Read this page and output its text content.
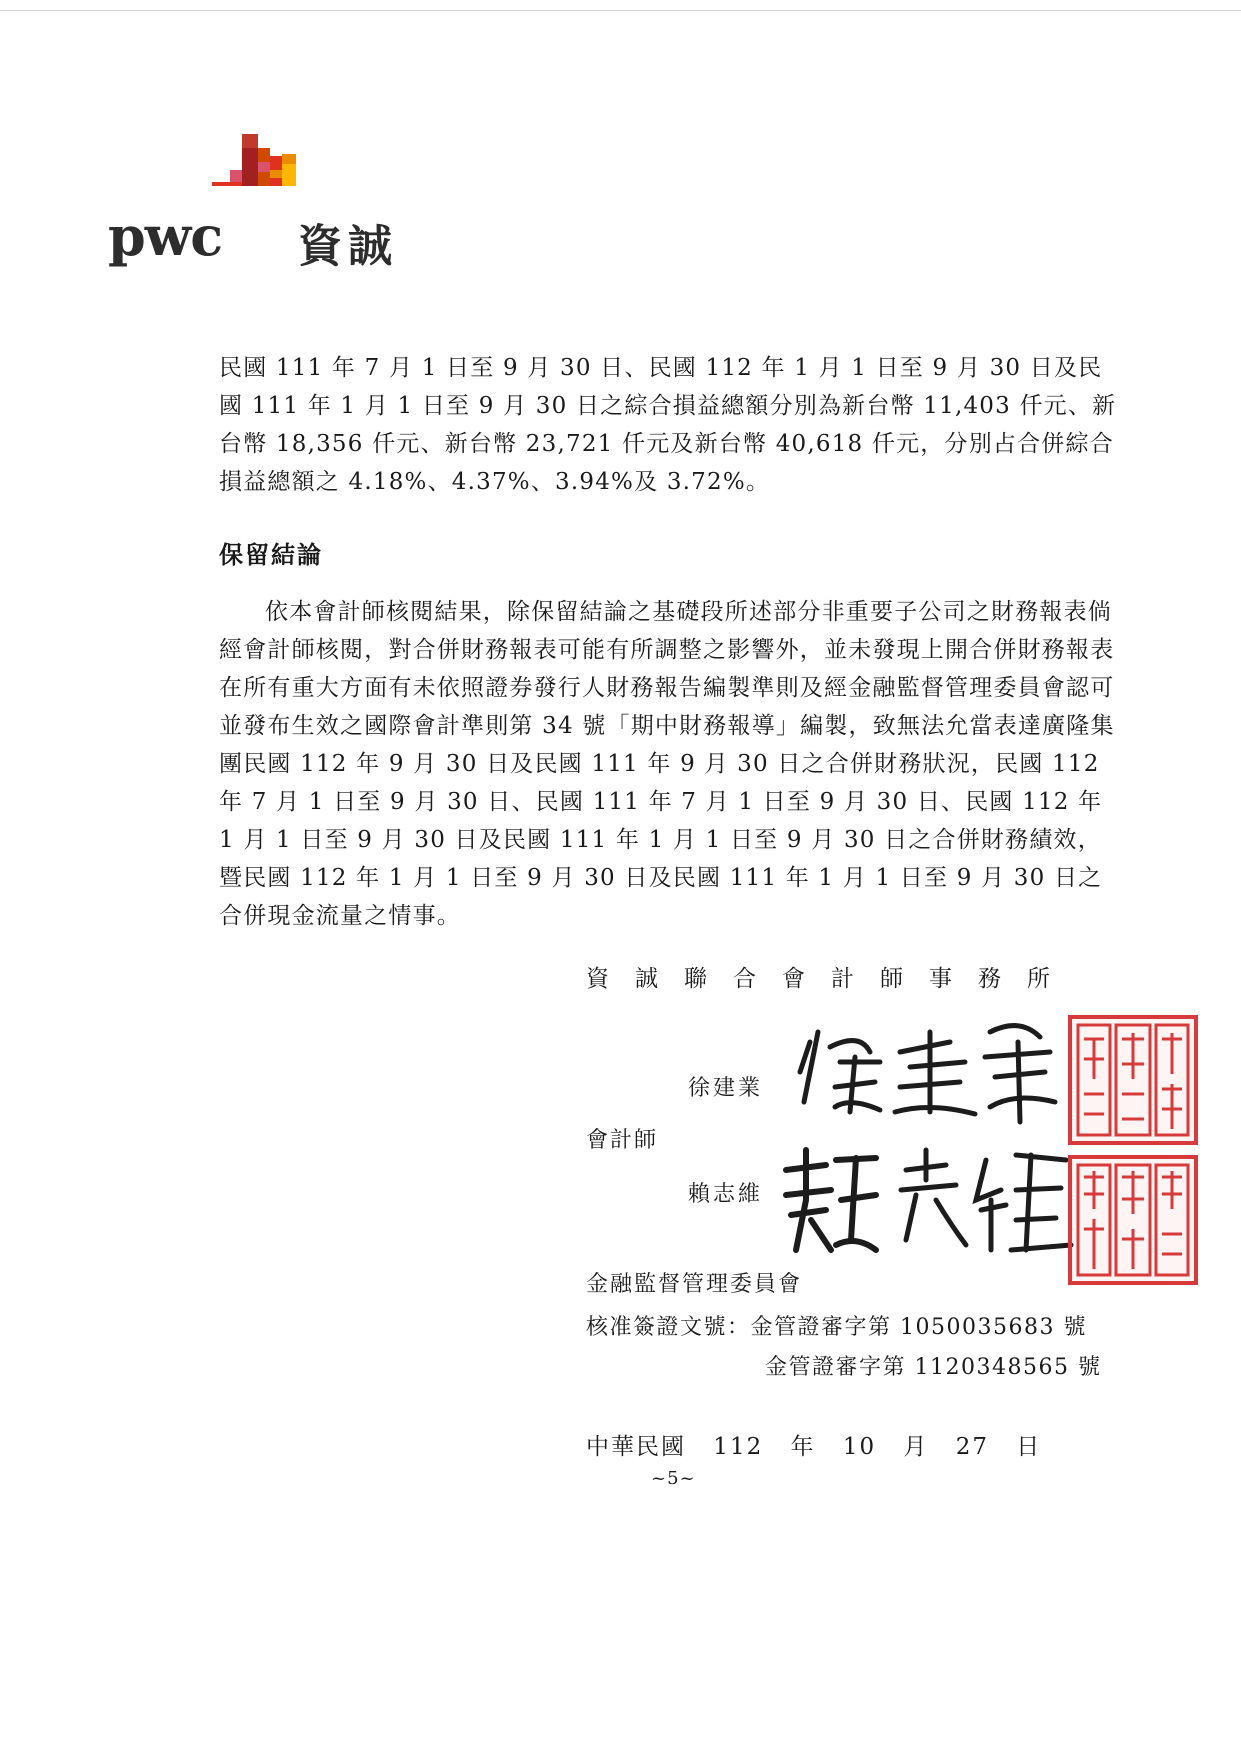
pwc 資誠

民國 111 年 7 月 1 日至 9 月 30 日、民國 112 年 1 月 1 日至 9 月 30 日及民國 111 年 1 月 1 日至 9 月 30 日之綜合損益總額分別為新台幣 11,403 仟元、新台幣 18,356 仟元、新台幣 23,721 仟元及新台幣 40,618 仟元，分別占合併綜合損益總額之 4.18%、4.37%、3.94%及 3.72%。

保留結論

依本會計師核閱結果，除保留結論之基礎段所述部分非重要子公司之財務報表倘經會計師核閱，對合併財務報表可能有所調整之影響外，並未發現上開合併財務報表在所有重大方面有未依照證券發行人財務報告編製準則及經金融監督管理委員會認可並發布生效之國際會計準則第 34 號「期中財務報導」編製，致無法允當表達廣隆集團民國 112 年 9 月 30 日及民國 111 年 9 月 30 日之合併財務狀況，民國 112 年 7 月 1 日至 9 月 30 日、民國 111 年 7 月 1 日至 9 月 30 日、民國 112 年 1 月 1 日至 9 月 30 日及民國 111 年 1 月 1 日至 9 月 30 日之合併財務績效，暨民國 112 年 1 月 1 日至 9 月 30 日及民國 111 年 1 月 1 日至 9 月 30 日之合併現金流量之情事。

資誠聯合會計師事務所

會計師
徐建業
賴志維

金融監督管理委員會

核准簽證文號：金管證審字第 1050035683 號
金管證審字第 1120348565 號
中華民國 112 年 10 月 27 日
~5~
